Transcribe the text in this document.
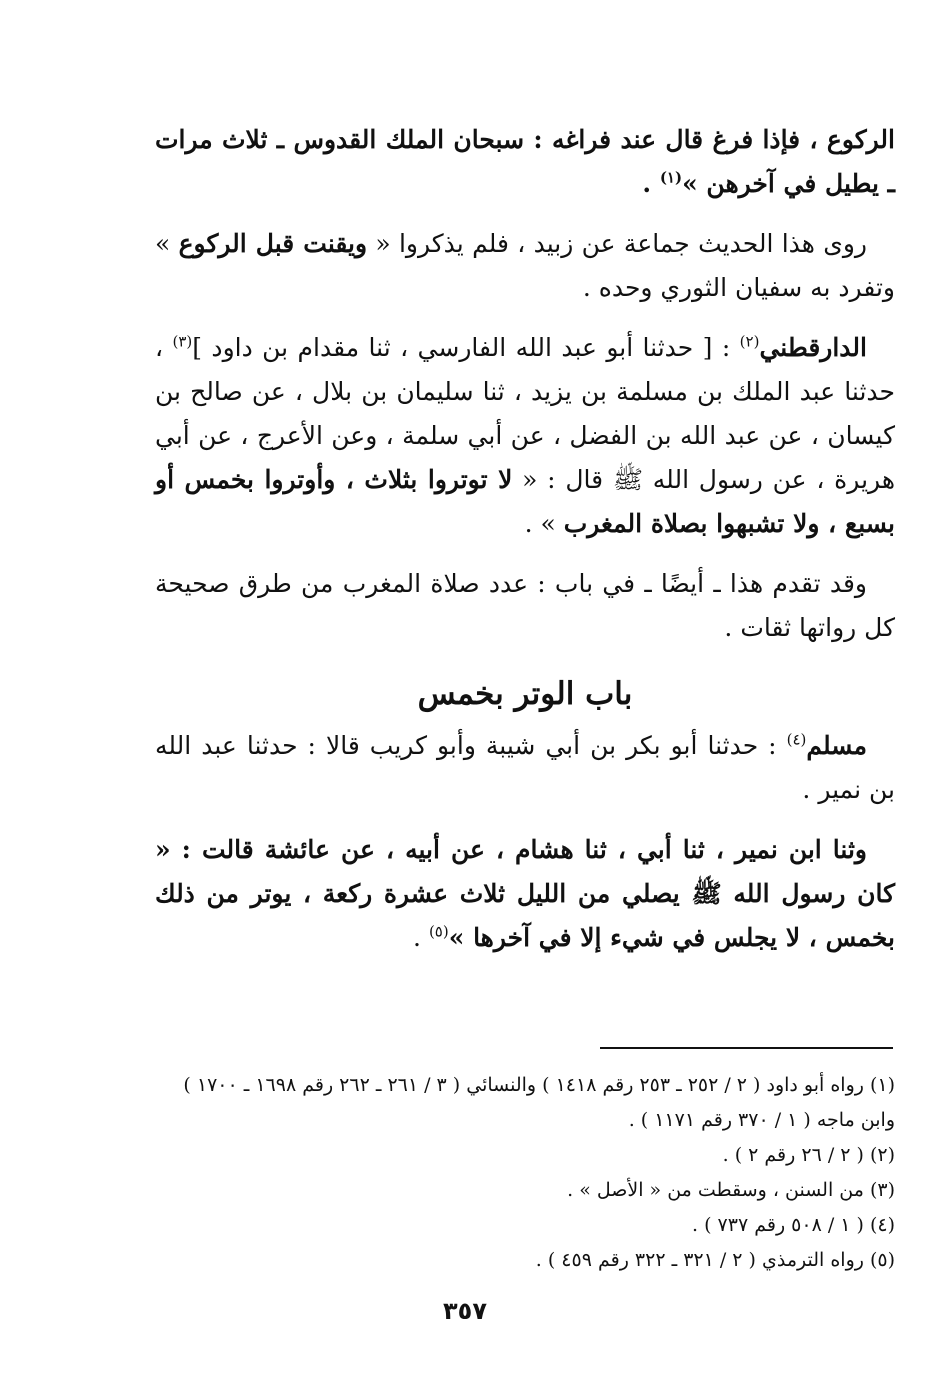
الركوع ، فإذا فرغ قال عند فراغه : سبحان الملك القدوس ـ ثلاث مرات ـ يطيل في آخرهن »$^{(١)}$ .

روى هذا الحديث جماعة عن زبيد ، فلم يذكروا « ويقنت قبل الركوع » وتفرد به سفيان الثوري وحده .

الدارقطني$^{(٢)}$ : [ حدثنا أبو عبد الله الفارسي ، ثنا مقدام بن داود ]$^{(٣)}$ ، حدثنا عبد الملك بن مسلمة بن يزيد ، ثنا سليمان بن بلال ، عن صالح بن كيسان ، عن عبد الله بن الفضل ، عن أبي سلمة ، وعن الأعرج ، عن أبي هريرة ، عن رسول الله ﷺ قال : « لا توتروا بثلاث ، وأوتروا بخمس أو بسبع ، ولا تشبهوا بصلاة المغرب » .

وقد تقدم هذا ـ أيضًا ـ في باب : عدد صلاة المغرب من طرق صحيحة كل رواتها ثقات .

باب الوتر بخمس

مسلم$^{(٤)}$ : حدثنا أبو بكر بن أبي شيبة وأبو كريب قالا : حدثنا عبد الله بن نمير .

وثنا ابن نمير ، ثنا أبي ، ثنا هشام ، عن أبيه ، عن عائشة قالت : « كان رسول الله ﷺ يصلي من الليل ثلاث عشرة ركعة ، يوتر من ذلك بخمس ، لا يجلس في شيء إلا في آخرها »$^{(٥)}$ .

(١)رواه أبو داود ( ٢ / ٢٥٢ ـ ٢٥٣ رقم ١٤١٨ ) والنسائي ( ٣ / ٢٦١ ـ ٢٦٢ رقم ١٦٩٨ ـ ١٧٠٠ ) وابن ماجه ( ١ / ٣٧٠ رقم ١١٧١ ) .

(٢)( ٢ / ٢٦ رقم ٢ ) .

(٣)من السنن ، وسقطت من « الأصل » .

(٤)( ١ / ٥٠٨ رقم ٧٣٧ ) .

(٥)رواه الترمذي ( ٢ / ٣٢١ ـ ٣٢٢ رقم ٤٥٩ ) .

٣٥٧
